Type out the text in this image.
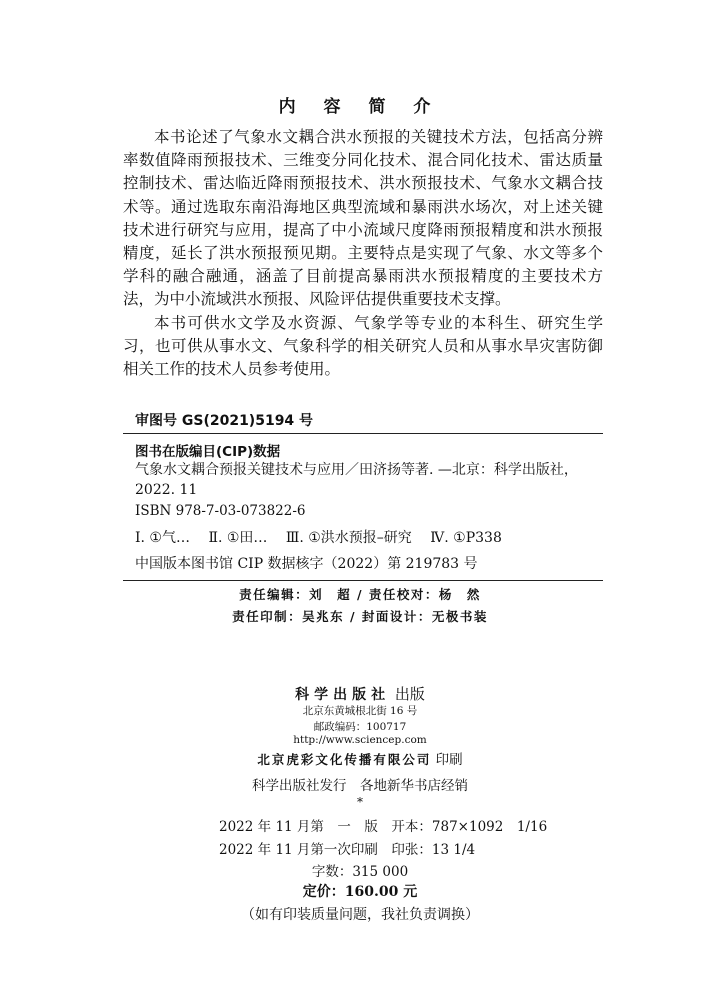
内 容 简 介

本书论述了气象水文耦合洪水预报的关键技术方法，包括高分辨率数值降雨预报技术、三维变分同化技术、混合同化技术、雷达质量控制技术、雷达临近降雨预报技术、洪水预报技术、气象水文耦合技术等。通过选取东南沿海地区典型流域和暴雨洪水场次，对上述关键技术进行研究与应用，提高了中小流域尺度降雨预报精度和洪水预报精度，延长了洪水预报预见期。主要特点是实现了气象、水文等多个学科的融合融通，涵盖了目前提高暴雨洪水预报精度的主要技术方法，为中小流域洪水预报、风险评估提供重要技术支撑。

本书可供水文学及水资源、气象学等专业的本科生、研究生学习，也可供从事水文、气象科学的相关研究人员和从事水旱灾害防御相关工作的技术人员参考使用。

审图号 GS(2021)5194 号
图书在版编目(CIP)数据
气象水文耦合预报关键技术与应用／田济扬等著. —北京：科学出版社，2022. 11
ISBN 978-7-03-073822-6
Ⅰ. ①气… Ⅱ. ①田… Ⅲ. ①洪水预报–研究 Ⅳ. ①P338
中国版本图书馆 CIP 数据核字（2022）第 219783 号
责任编辑：刘　超 / 责任校对：杨　然
责任印制：吴兆东 / 封面设计：无极书装
科学出版社 出版
北京东黄城根北街 16 号
邮政编码：100717
http://www.sciencep.com
北京虎彩文化传播有限公司 印刷
科学出版社发行　各地新华书店经销
*
2022 年 11 月第　一　版　开本：787×1092　1/16
2022 年 11 月第一次印刷　印张：13 1/4
字数：315 000
定价：160.00 元
（如有印装质量问题，我社负责调换）
